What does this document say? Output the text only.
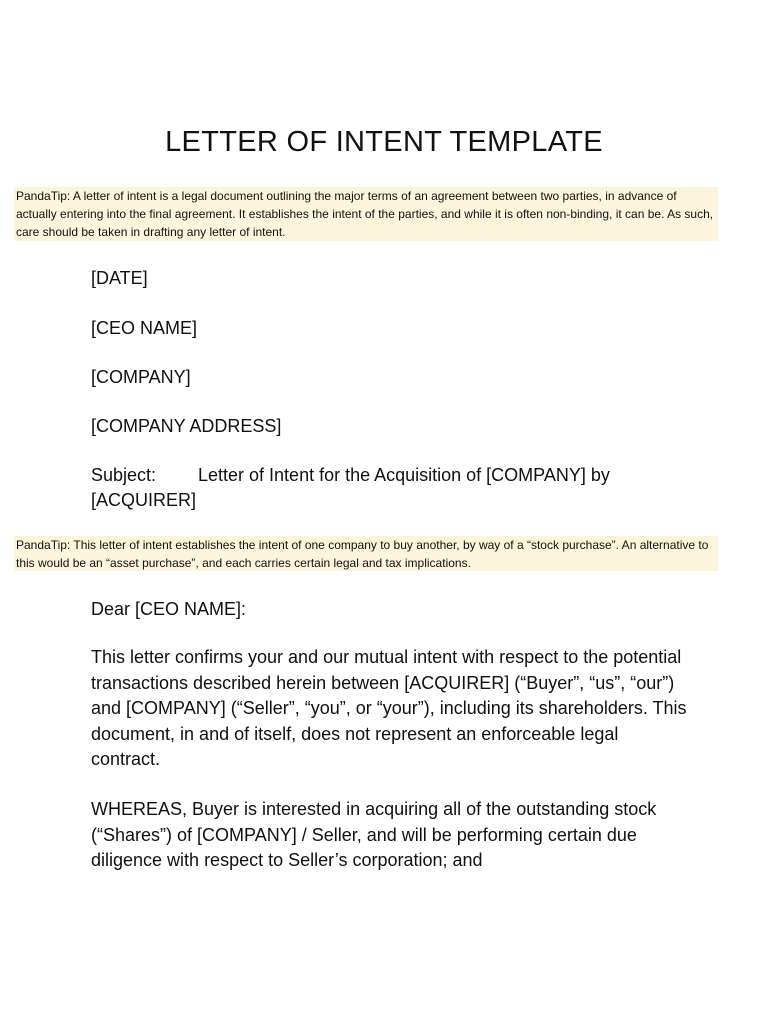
LETTER OF INTENT TEMPLATE
PandaTip: A letter of intent is a legal document outlining the major terms of an agreement between two parties, in advance of actually entering into the final agreement. It establishes the intent of the parties, and while it is often non-binding, it can be. As such, care should be taken in drafting any letter of intent.
[DATE]
[CEO NAME]
[COMPANY]
[COMPANY ADDRESS]
Subject: Letter of Intent for the Acquisition of [COMPANY] by [ACQUIRER]
PandaTip: This letter of intent establishes the intent of one company to buy another, by way of a “stock purchase”. An alternative to this would be an “asset purchase”, and each carries certain legal and tax implications.

Dear [CEO NAME]:

This letter confirms your and our mutual intent with respect to the potential transactions described herein between [ACQUIRER] (“Buyer”, “us”, “our”) and [COMPANY] (“Seller”, “you”, or “your”), including its shareholders. This document, in and of itself, does not represent an enforceable legal contract.

WHEREAS, Buyer is interested in acquiring all of the outstanding stock (“Shares”) of [COMPANY] / Seller, and will be performing certain due diligence with respect to Seller’s corporation; and
